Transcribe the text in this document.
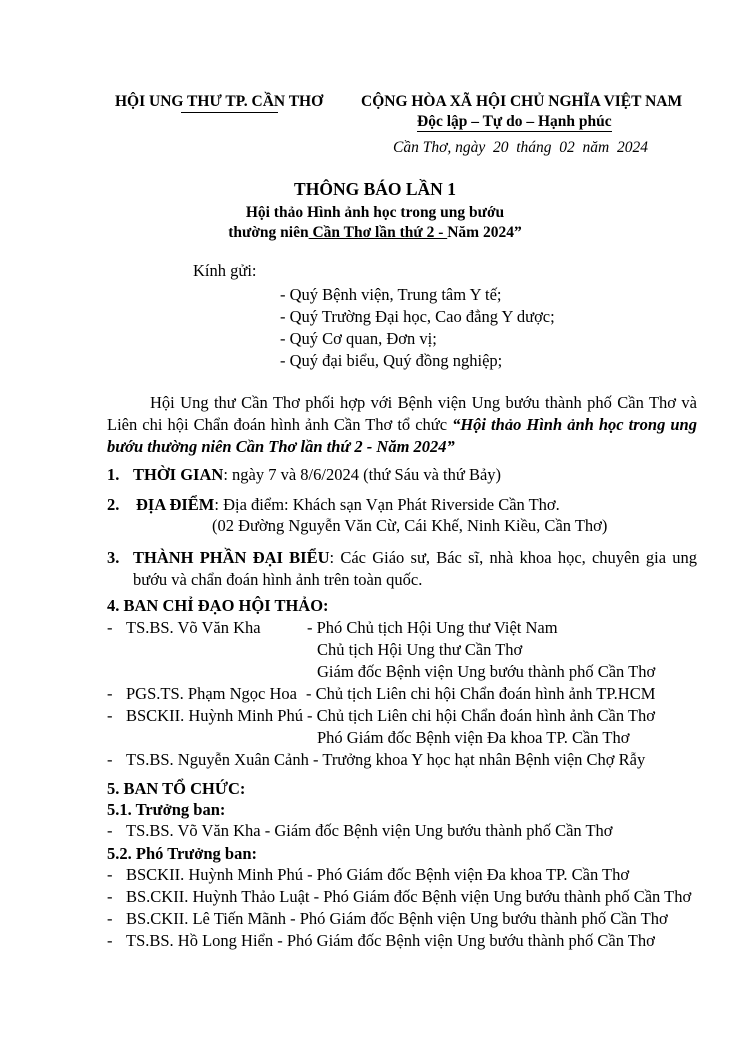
HỘI UNG THƯ TP. CẦN THƠ CỘNG HÒA XÃ HỘI CHỦ NGHĨA VIỆT NAM
Độc lập – Tự do – Hạnh phúc
Cần Thơ, ngày  20  tháng  02  năm  2024
THÔNG BÁO LẦN 1
Hội thảo Hình ảnh học trong ung bướu
thường niên Cần Thơ lần thứ 2 - Năm 2024”
Kính gửi:
- Quý Bệnh viện, Trung tâm Y tế;
- Quý Trường Đại học, Cao đẳng Y dược;
- Quý Cơ quan, Đơn vị;
- Quý đại biểu, Quý đồng nghiệp;
Hội Ung thư Cần Thơ phối hợp với Bệnh viện Ung bướu thành phố Cần Thơ và Liên chi hội Chẩn đoán hình ảnh Cần Thơ tổ chức “Hội thảo Hình ảnh học trong ung bướu thường niên Cần Thơ lần thứ 2 - Năm 2024”
1. THỜI GIAN: ngày 7 và 8/6/2024 (thứ Sáu và thứ Bảy)
2. ĐỊA ĐIỂM: Địa điểm: Khách sạn Vạn Phát Riverside Cần Thơ.
(02 Đường Nguyễn Văn Cừ, Cái Khế, Ninh Kiều, Cần Thơ)
3. THÀNH PHẦN ĐẠI BIỂU: Các Giáo sư, Bác sĩ, nhà khoa học, chuyên gia ung bướu và chẩn đoán hình ảnh trên toàn quốc.
4. BAN CHỈ ĐẠO HỘI THẢO:
- TS.BS. Võ Văn Kha	- Phó Chủ tịch Hội Ung thư Việt Nam
Chủ tịch Hội Ung thư Cần Thơ
Giám đốc Bệnh viện Ung bướu thành phố Cần Thơ
- PGS.TS. Phạm Ngọc Hoa - Chủ tịch Liên chi hội Chẩn đoán hình ảnh TP.HCM
- BSCKII. Huỳnh Minh Phú - Chủ tịch Liên chi hội Chẩn đoán hình ảnh Cần Thơ
Phó Giám đốc Bệnh viện Đa khoa TP. Cần Thơ
- TS.BS. Nguyễn Xuân Cảnh - Trưởng khoa Y học hạt nhân Bệnh viện Chợ Rẫy
5. BAN TỔ CHỨC:
5.1. Trưởng ban:
- TS.BS. Võ Văn Kha - Giám đốc Bệnh viện Ung bướu thành phố Cần Thơ
5.2. Phó Trưởng ban:
- BSCKII. Huỳnh Minh Phú - Phó Giám đốc Bệnh viện Đa khoa TP. Cần Thơ
- BS.CKII. Huỳnh Thảo Luật - Phó Giám đốc Bệnh viện Ung bướu thành phố Cần Thơ
- BS.CKII. Lê Tiến Mãnh - Phó Giám đốc Bệnh viện Ung bướu thành phố Cần Thơ
- TS.BS. Hồ Long Hiển - Phó Giám đốc Bệnh viện Ung bướu thành phố Cần Thơ
